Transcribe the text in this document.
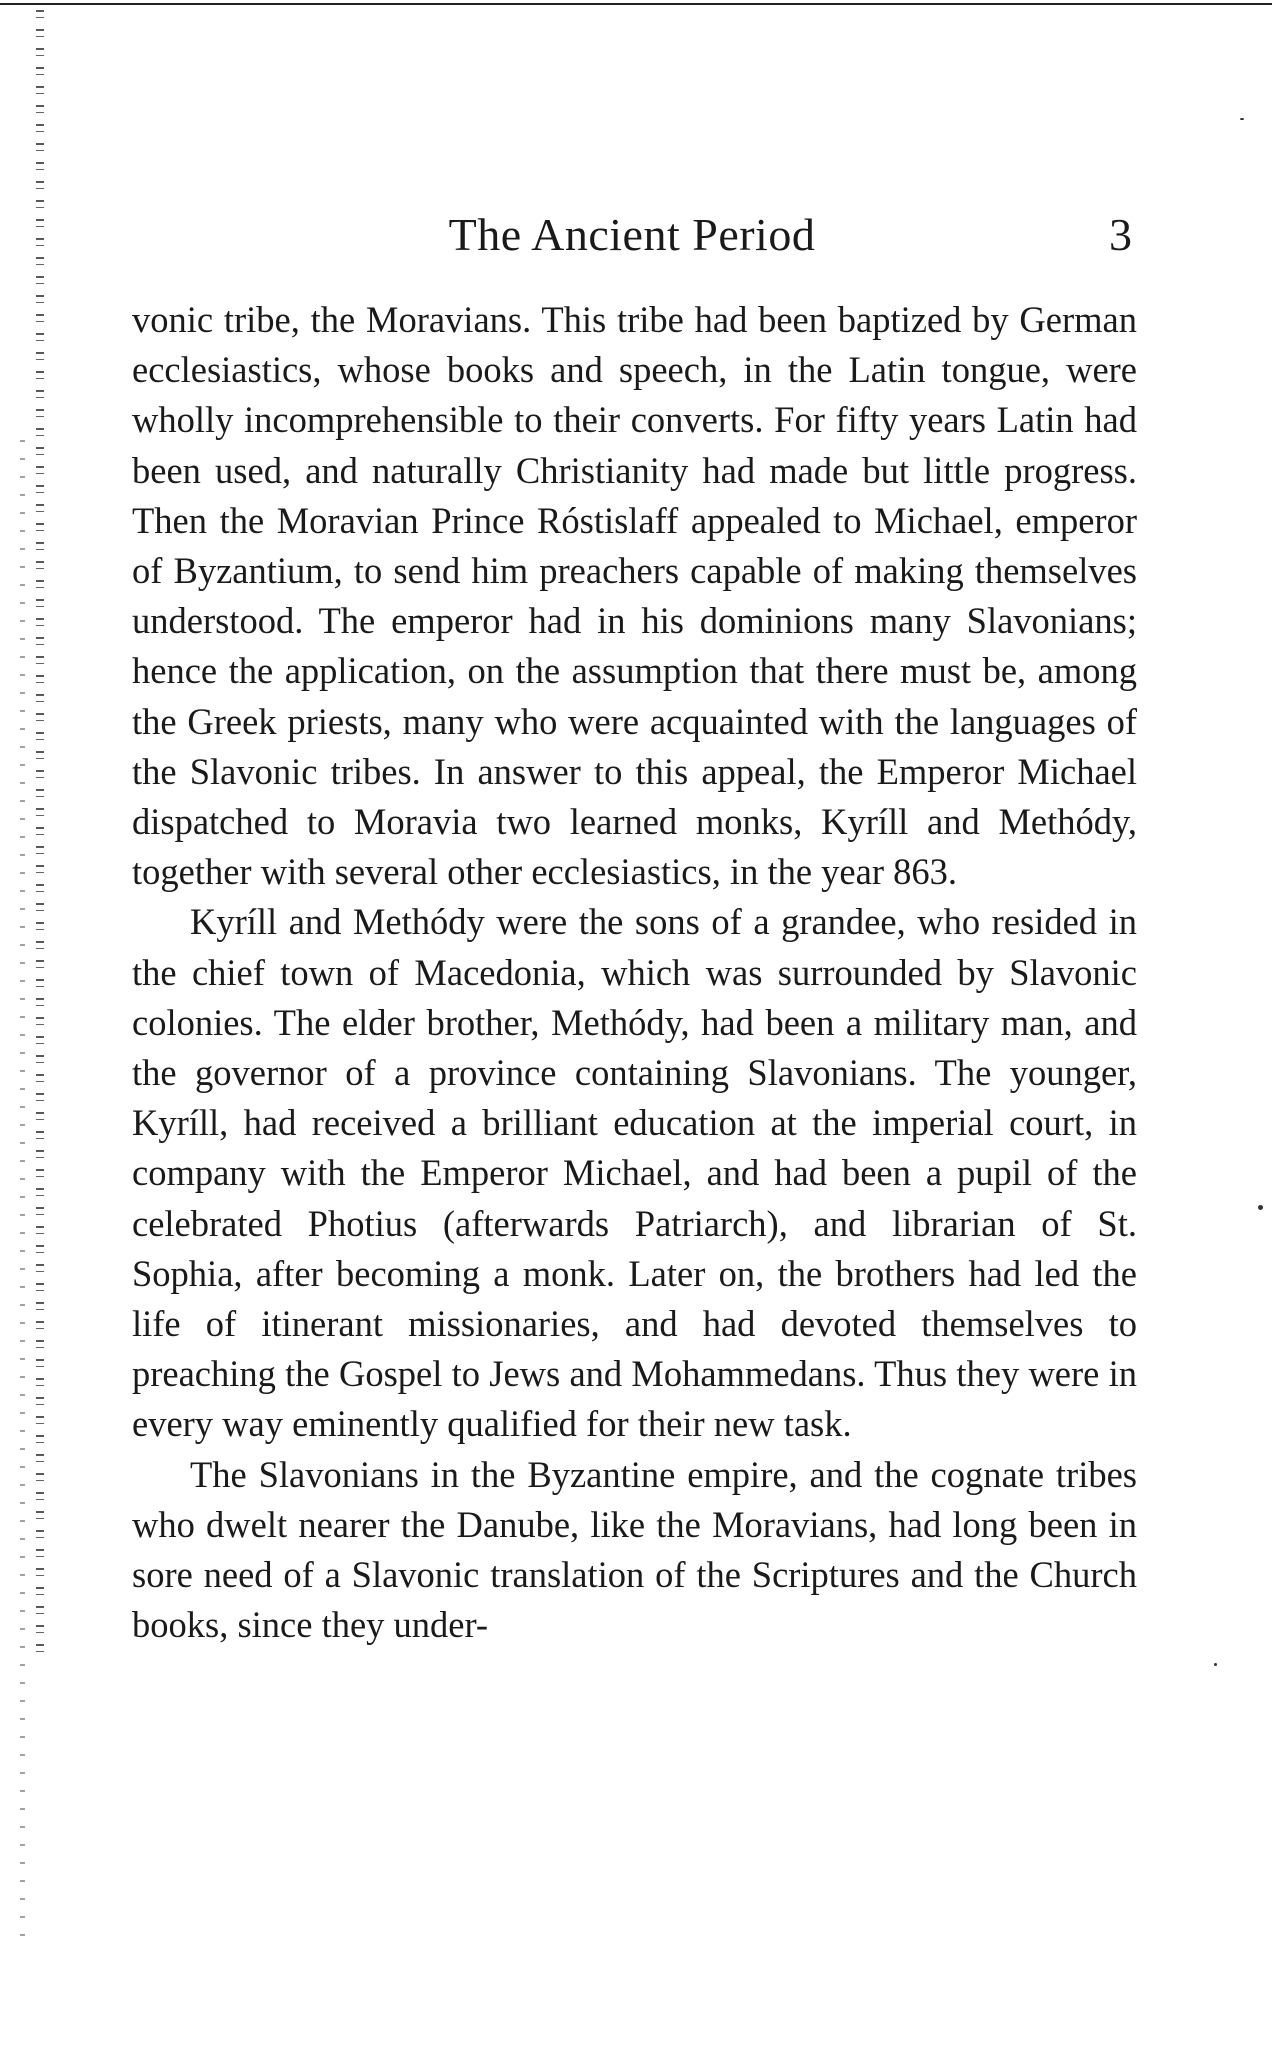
The Ancient Period	3

vonic tribe, the Moravians. This tribe had been baptized by German ecclesiastics, whose books and speech, in the Latin tongue, were wholly incomprehensible to their converts. For fifty years Latin had been used, and naturally Christianity had made but little progress. Then the Moravian Prince Róstislaff appealed to Michael, emperor of Byzantium, to send him preachers capable of making themselves understood. The emperor had in his dominions many Slavonians; hence the application, on the assumption that there must be, among the Greek priests, many who were acquainted with the languages of the Slavonic tribes. In answer to this appeal, the Emperor Michael dispatched to Moravia two learned monks, Kyríll and Methódy, together with several other ecclesiastics, in the year 863.

Kyríll and Methódy were the sons of a grandee, who resided in the chief town of Macedonia, which was surrounded by Slavonic colonies. The elder brother, Methódy, had been a military man, and the governor of a province containing Slavonians. The younger, Kyríll, had received a brilliant education at the imperial court, in company with the Emperor Michael, and had been a pupil of the celebrated Photius (afterwards Patriarch), and librarian of St. Sophia, after becoming a monk. Later on, the brothers had led the life of itinerant missionaries, and had devoted themselves to preaching the Gospel to Jews and Mohammedans. Thus they were in every way eminently qualified for their new task.

The Slavonians in the Byzantine empire, and the cognate tribes who dwelt nearer the Danube, like the Moravians, had long been in sore need of a Slavonic translation of the Scriptures and the Church books, since they under-
